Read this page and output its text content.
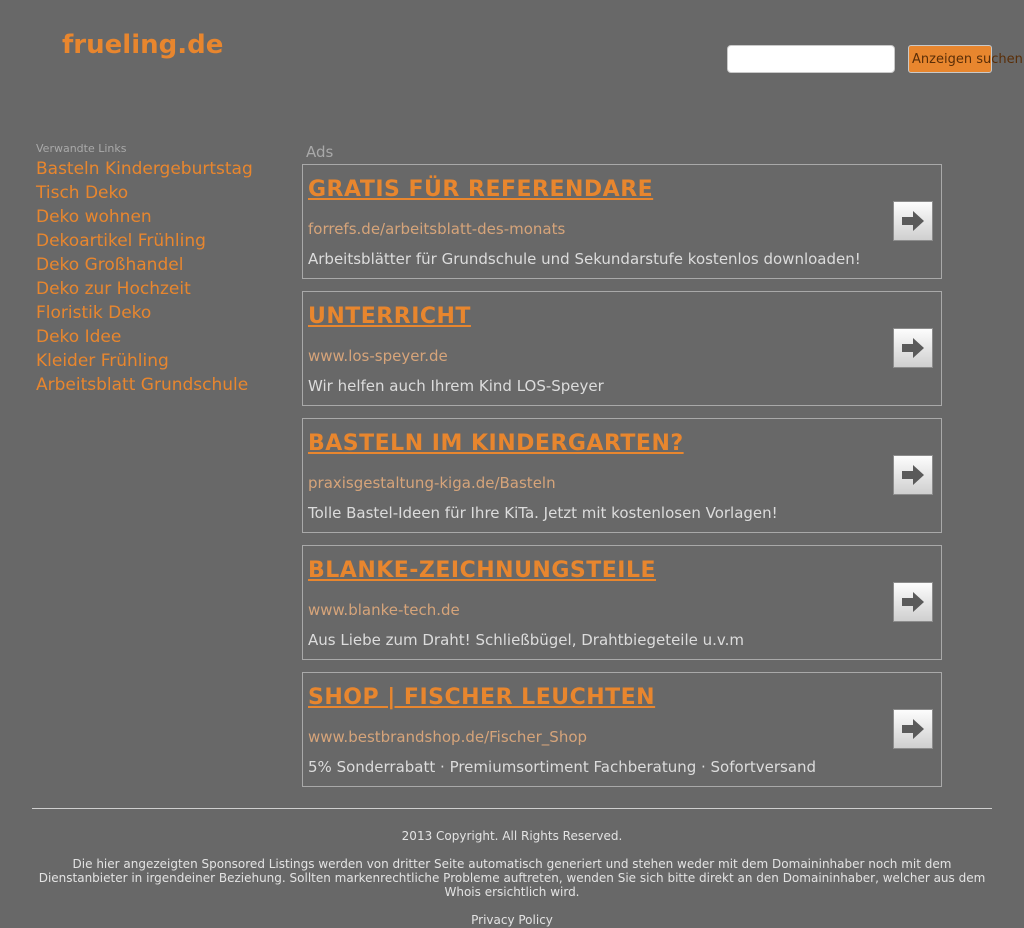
frueling.de	Anzeigen suchen
Verwandte Links
Basteln Kindergeburtstag
Tisch Deko
Deko wohnen
Dekoartikel Frühling
Deko Großhandel
Deko zur Hochzeit
Floristik Deko
Deko Idee
Kleider Frühling
Arbeitsblatt Grundschule
Ads
GRATIS FÜR REFERENDARE
forrefs.de/arbeitsblatt-des-monats
Arbeitsblätter für Grundschule und Sekundarstufe kostenlos downloaden!
UNTERRICHT
www.los-speyer.de
Wir helfen auch Ihrem Kind LOS-Speyer
BASTELN IM KINDERGARTEN?
praxisgestaltung-kiga.de/Basteln
Tolle Bastel-Ideen für Ihre KiTa. Jetzt mit kostenlosen Vorlagen!
BLANKE-ZEICHNUNGSTEILE
www.blanke-tech.de
Aus Liebe zum Draht! Schließbügel, Drahtbiegeteile u.v.m
SHOP | FISCHER LEUCHTEN
www.bestbrandshop.de/Fischer_Shop
5% Sonderrabatt · Premiumsortiment Fachberatung · Sofortversand
2013 Copyright. All Rights Reserved.
Die hier angezeigten Sponsored Listings werden von dritter Seite automatisch generiert und stehen weder mit dem Domaininhaber noch mit dem Dienstanbieter in irgendeiner Beziehung. Sollten markenrechtliche Probleme auftreten, wenden Sie sich bitte direkt an den Domaininhaber, welcher aus dem Whois ersichtlich wird.
Privacy Policy
